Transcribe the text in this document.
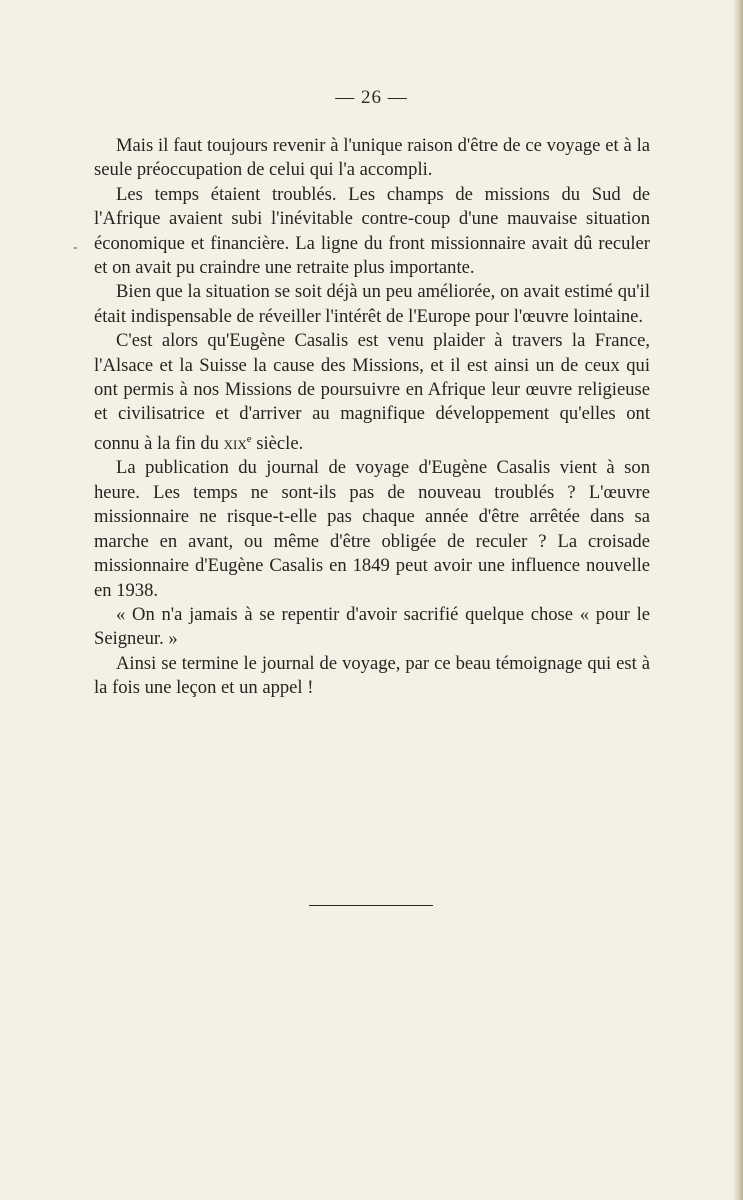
— 26 —
-

Mais il faut toujours revenir à l'unique raison d'être de ce voyage et à la seule préoccupation de celui qui l'a accompli.

Les temps étaient troublés. Les champs de missions du Sud de l'Afrique avaient subi l'inévitable contre-coup d'une mauvaise situation économique et financière. La ligne du front missionnaire avait dû reculer et on avait pu craindre une retraite plus importante.

Bien que la situation se soit déjà un peu améliorée, on avait estimé qu'il était indispensable de réveiller l'intérêt de l'Europe pour l'œuvre lointaine.

C'est alors qu'Eugène Casalis est venu plaider à travers la France, l'Alsace et la Suisse la cause des Missions, et il est ainsi un de ceux qui ont permis à nos Missions de poursuivre en Afrique leur œuvre religieuse et civilisatrice et d'arriver au magnifique développement qu'elles ont connu à la fin du xix$^e$ siècle.

La publication du journal de voyage d'Eugène Casalis vient à son heure. Les temps ne sont-ils pas de nouveau troublés ? L'œuvre missionnaire ne risque-t-elle pas chaque année d'être arrêtée dans sa marche en avant, ou même d'être obligée de reculer ? La croisade missionnaire d'Eugène Casalis en 1849 peut avoir une influence nouvelle en 1938.

« On n'a jamais à se repentir d'avoir sacrifié quelque chose « pour le Seigneur. »

Ainsi se termine le journal de voyage, par ce beau témoignage qui est à la fois une leçon et un appel !
